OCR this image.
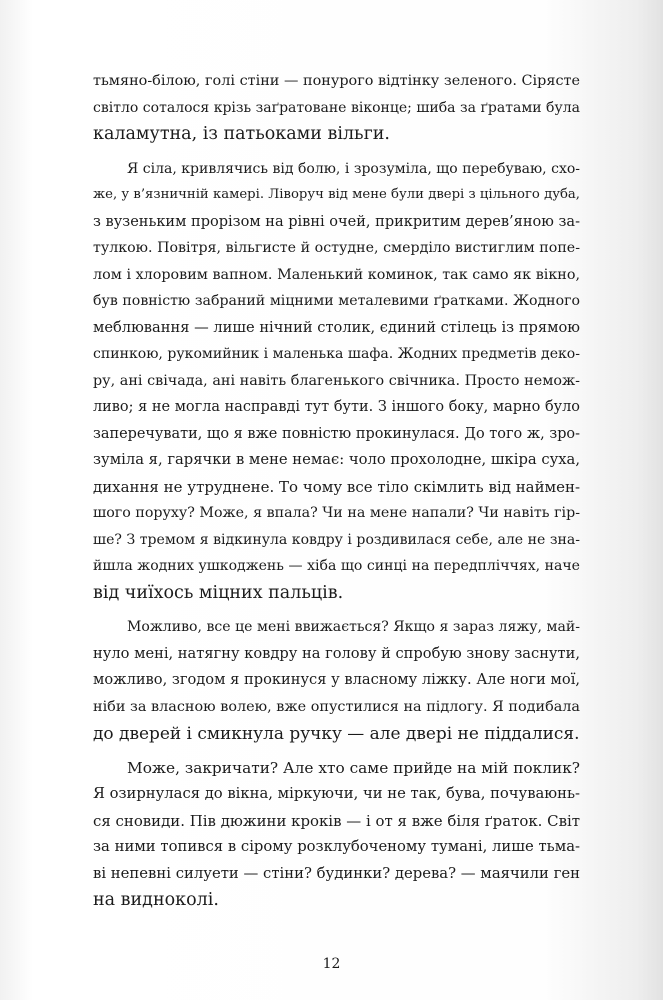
тьмяно-білою, голі стіни — понурого відтінку зеленого. Сірясте
світло соталося крізь заґратоване віконце; шиба за ґратами була
каламутна, із патьоками вільги.
Я сіла, кривлячись від болю, і зрозуміла, що перебуваю, схо-
же, у в’язничній камері. Ліворуч від мене були двері з цільного дуба,
з вузеньким прорізом на рівні очей, прикритим дерев’яною за-
тулкою. Повітря, вільгисте й остудне, смерділо вистиглим попе-
лом і хлоровим вапном. Маленький коминок, так само як вікно,
був повністю забраний міцними металевими ґратками. Жодного
меблювання — лише нічний столик, єдиний стілець із прямою
спинкою, рукомийник і маленька шафа. Жодних предметів деко-
ру, ані свічада, ані навіть благенького свічника. Просто немож-
ливо; я не могла насправді тут бути. З іншого боку, марно було
заперечувати, що я вже повністю прокинулася. До того ж, зро-
зуміла я, гарячки в мене немає: чоло прохолодне, шкіра суха,
дихання не утруднене. То чому все тіло скімлить від наймен-
шого поруху? Може, я впала? Чи на мене напали? Чи навіть гір-
ше? З тремом я відкинула ковдру і роздивилася себе, але не зна-
йшла жодних ушкоджень — хіба що синці на передпліччях, наче
від чиїхось міцних пальців.
Можливо, все це мені ввижається? Якщо я зараз ляжу, май-
нуло мені, натягну ковдру на голову й спробую знову заснути,
можливо, згодом я прокинуся у власному ліжку. Але ноги мої,
ніби за власною волею, вже опустилися на підлогу. Я подибала
до дверей і смикнула ручку — але двері не піддалися.
Може, закричати? Але хто саме прийде на мій поклик?
Я озирнулася до вікна, міркуючи, чи не так, бува, почуваюнь-
ся сновиди. Пів дюжини кроків — і от я вже біля ґраток. Світ
за ними топився в сірому розклубоченому тумані, лише тьма-
ві непевні силуети — стіни? будинки? дерева? — маячили ген
на видноколі.
12
